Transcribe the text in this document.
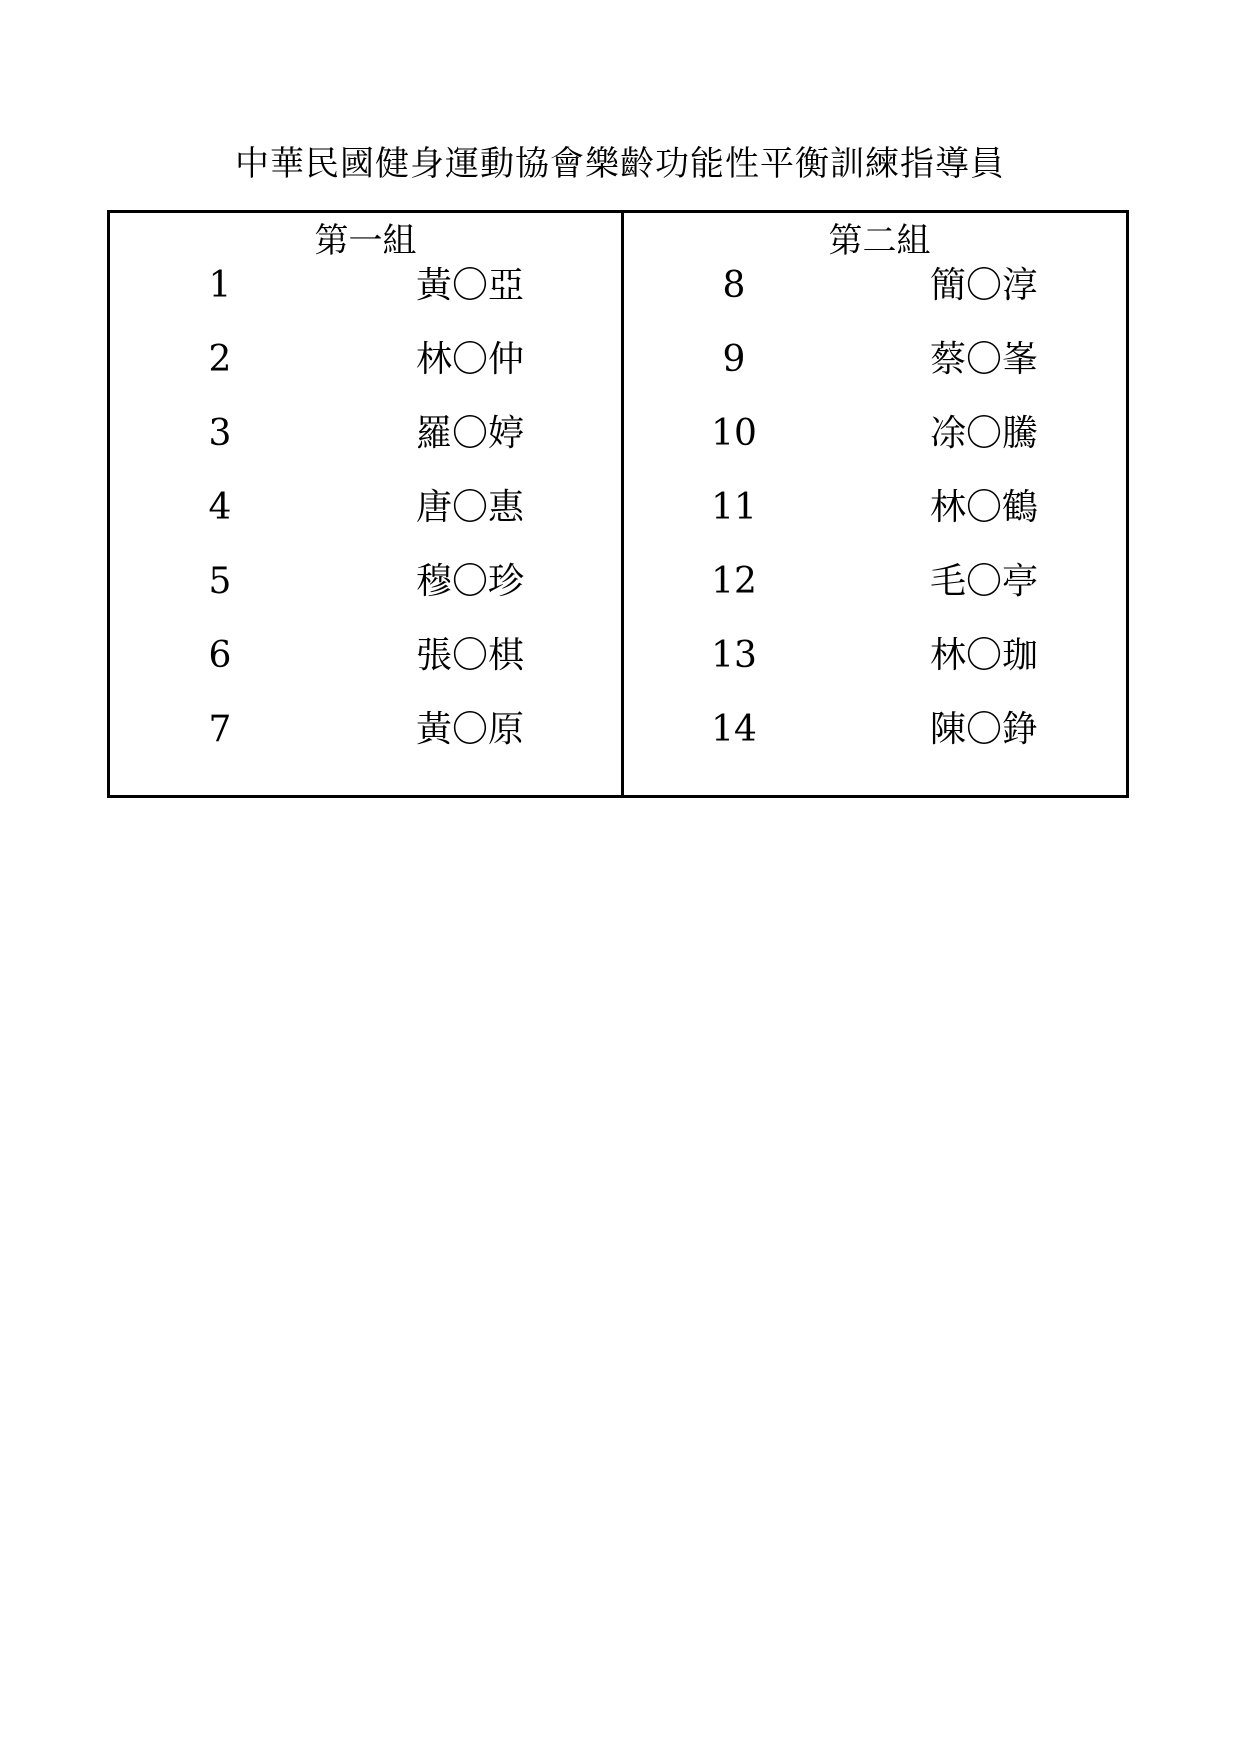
中華民國健身運動協會樂齡功能性平衡訓練指導員
第一組
1	黃〇亞
2	林〇仲
3	羅〇婷
4	唐〇惠
5	穆〇珍
6	張〇棋
7	黃〇原
第二組
8	簡〇淳
9	蔡〇峯
10	凃〇騰
11	林〇鶴
12	毛〇亭
13	林〇珈
14	陳〇錚
